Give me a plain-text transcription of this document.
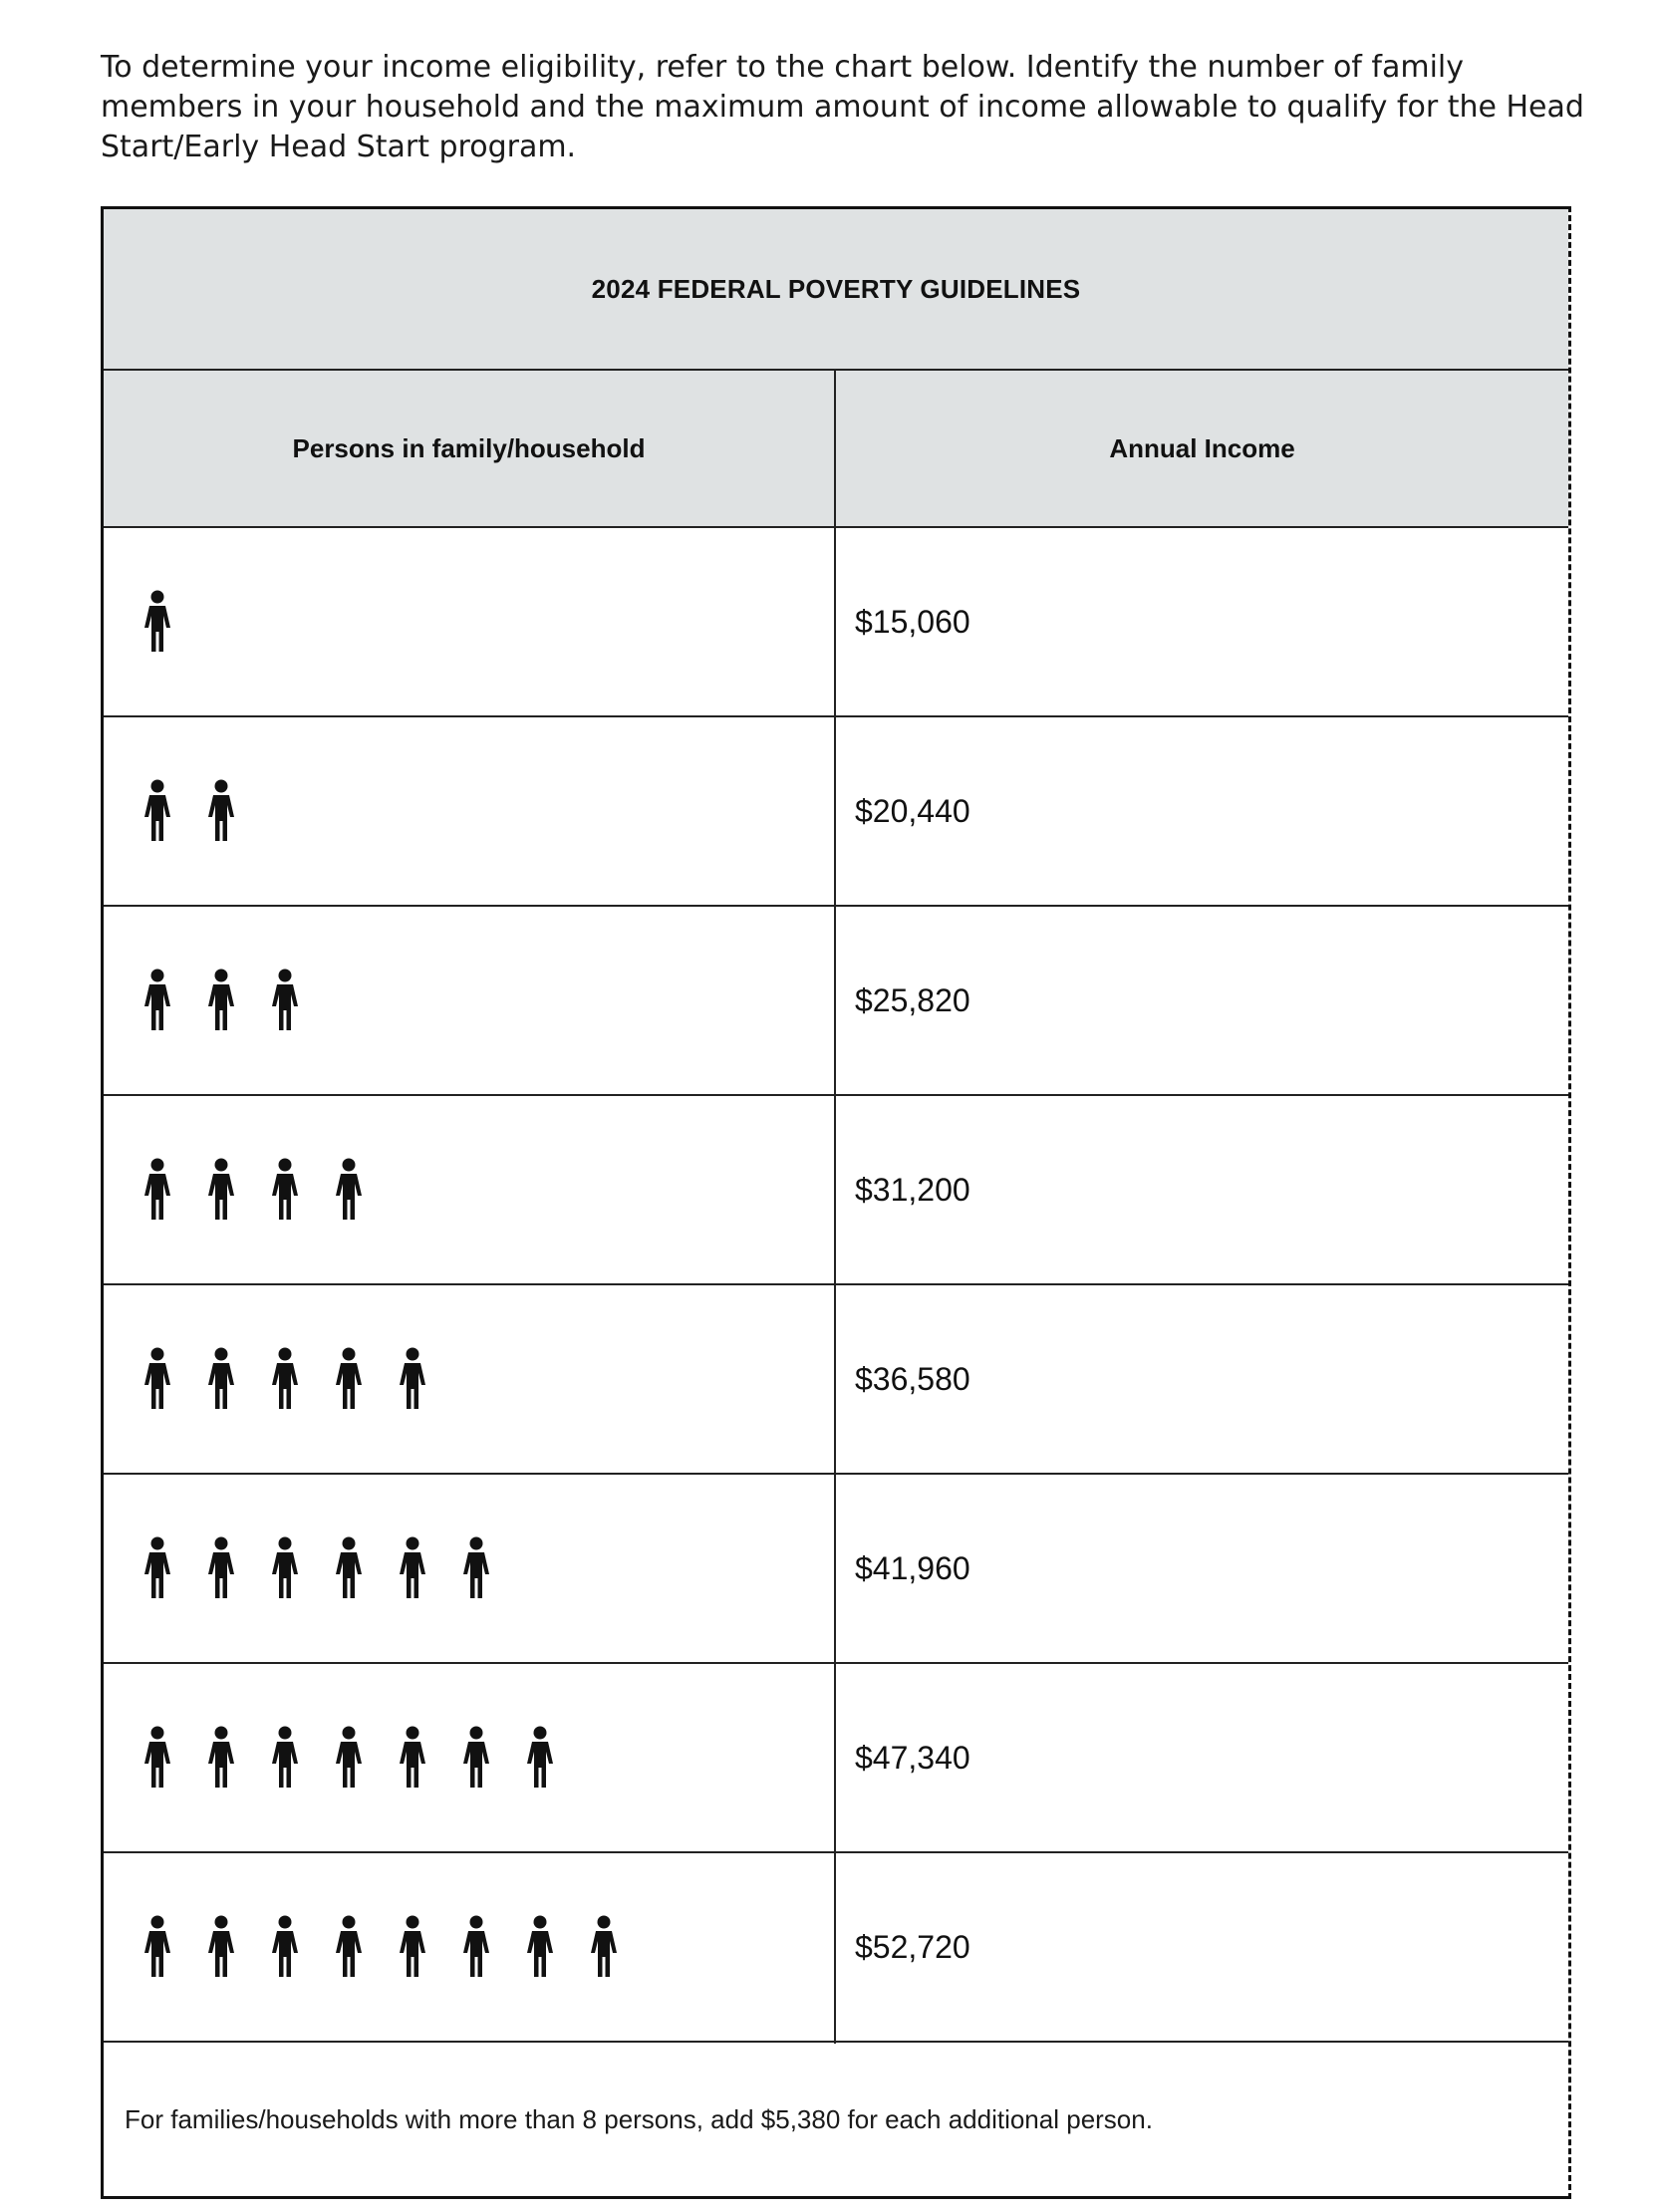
To determine your income eligibility, refer to the chart below. Identify the number of family members in your household and the maximum amount of income allowable to qualify for the Head Start/Early Head Start program.

2024 FEDERAL POVERTY GUIDELINES
Persons in family/household	Annual Income
$15,060
$20,440
$25,820
$31,200
$36,580
$41,960
$47,340
$52,720
For families/households with more than 8 persons, add $5,380 for each additional person.
